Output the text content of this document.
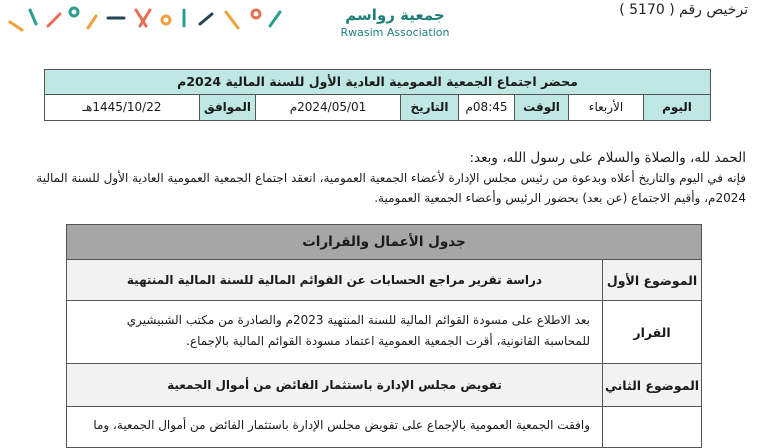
جمعية رواسم
Rwasim Association
ترخيص رقم ( 5170 )
محضر اجتماع الجمعية العمومية العادية الأول للسنة المالية 2024م
اليوم
الأربعاء
الوقت
08:45م
التاريخ
2024/05/01م
الموافق
1445/10/22هـ

الحمد لله، والصلاة والسلام على رسول الله، وبعد:

فإنه في اليوم والتاريخ أعلاه وبدعوة من رئيس مجلس الإدارة لأعضاء الجمعية العمومية، انعقد اجتماع الجمعية العمومية العادية الأول للسنة المالية 2024م، وأقيم الاجتماع (عن بعد) بحضور الرئيس وأعضاء الجمعية العمومية.

جدول الأعمال والقرارات
الموضوع الأول
دراسة تقرير مراجع الحسابات عن القوائم المالية للسنة المالية المنتهية
القرار
بعد الاطلاع على مسودة القوائم المالية للسنة المنتهية 2023م والصادرة من مكتب الشبيشيري للمحاسبة القانونية، أقرت الجمعية العمومية اعتماد مسودة القوائم المالية بالإجماع.
الموضوع الثاني
تفويض مجلس الإدارة باستثمار الفائض من أموال الجمعية
وافقت الجمعية العمومية بالإجماع على تفويض مجلس الإدارة باستثمار الفائض من أموال الجمعية، وما
